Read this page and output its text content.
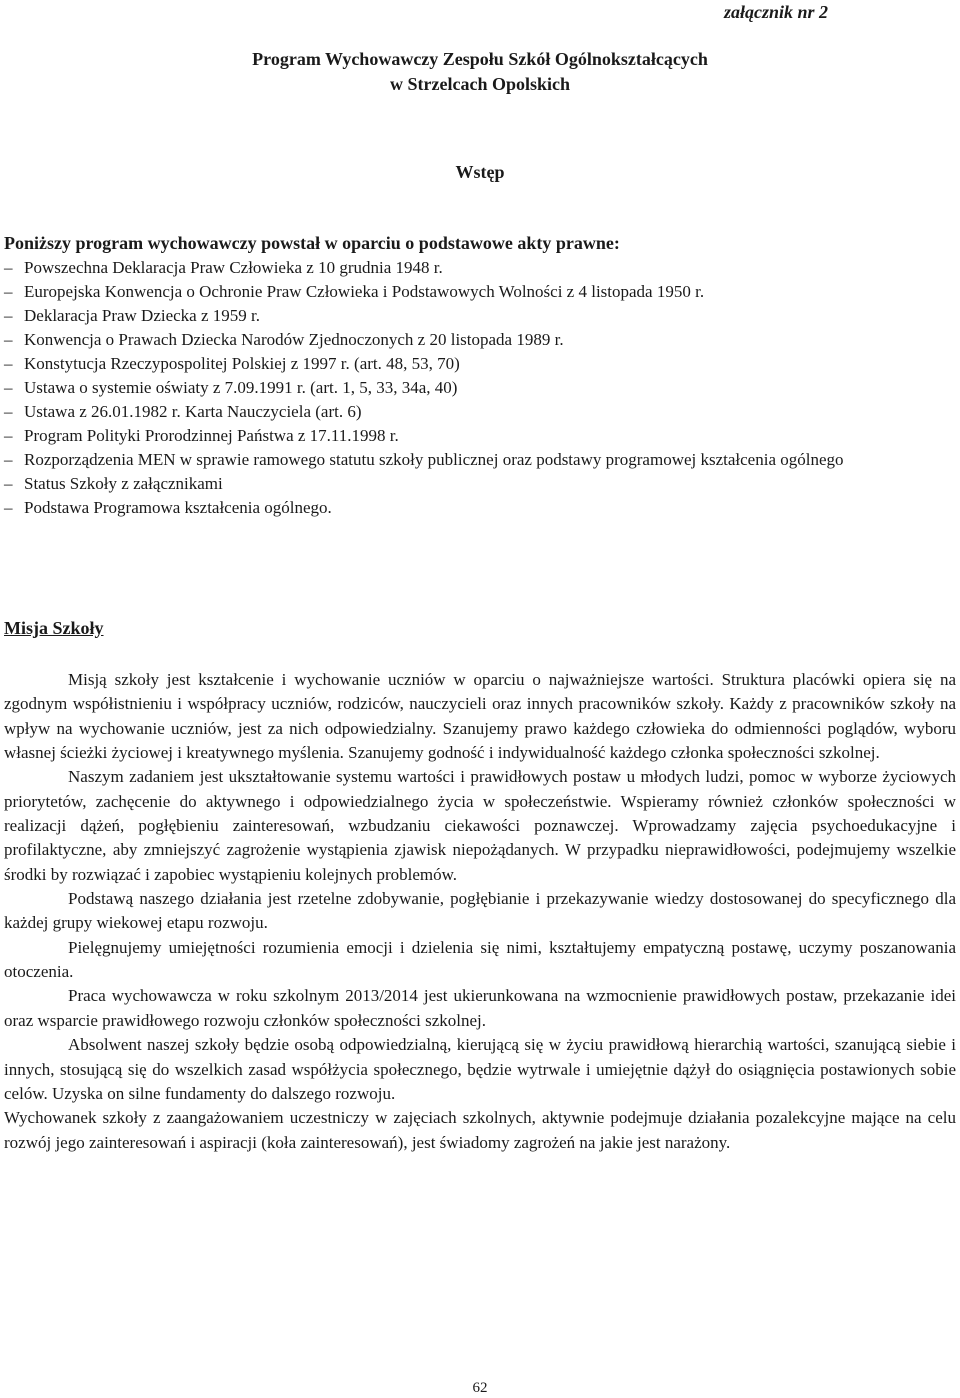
załącznik nr 2
Program Wychowawczy Zespołu Szkół Ogólnokształcących
w Strzelcach Opolskich
Wstęp

Poniższy program wychowawczy powstał w oparciu o podstawowe akty prawne:

– Powszechna Deklaracja Praw Człowieka z 10 grudnia 1948 r.
– Europejska Konwencja o Ochronie Praw Człowieka i Podstawowych Wolności z 4 listopada 1950 r.
– Deklaracja Praw Dziecka z 1959 r.
– Konwencja o Prawach Dziecka Narodów Zjednoczonych z 20 listopada 1989 r.
– Konstytucja Rzeczypospolitej Polskiej z 1997 r. (art. 48, 53, 70)
– Ustawa o systemie oświaty z 7.09.1991 r. (art. 1, 5, 33, 34a, 40)
– Ustawa z 26.01.1982 r. Karta Nauczyciela (art. 6)
– Program Polityki Prorodzinnej Państwa z 17.11.1998 r.
– Rozporządzenia MEN w sprawie ramowego statutu szkoły publicznej oraz podstawy programowej kształcenia ogólnego
– Status Szkoły z załącznikami
– Podstawa Programowa kształcenia ogólnego.
Misja Szkoły

Misją szkoły jest kształcenie i wychowanie uczniów w oparciu o najważniejsze wartości. Struktura placówki opiera się na zgodnym współistnieniu i współpracy uczniów, rodziców, nauczycieli oraz innych pracowników szkoły. Każdy z pracowników szkoły na wpływ na wychowanie uczniów, jest za nich odpowiedzialny. Szanujemy prawo każdego człowieka do odmienności poglądów, wyboru własnej ścieżki życiowej i kreatywnego myślenia. Szanujemy godność i indywidualność każdego członka społeczności szkolnej.

Naszym zadaniem jest ukształtowanie systemu wartości i prawidłowych postaw u młodych ludzi, pomoc w wyborze życiowych priorytetów, zachęcenie do aktywnego i odpowiedzialnego życia w społeczeństwie. Wspieramy również członków społeczności w realizacji dążeń, pogłębieniu zainteresowań, wzbudzaniu ciekawości poznawczej. Wprowadzamy zajęcia psychoedukacyjne i profilaktyczne, aby zmniejszyć zagrożenie wystąpienia zjawisk niepożądanych. W przypadku nieprawidłowości, podejmujemy wszelkie środki by rozwiązać i zapobiec wystąpieniu kolejnych problemów.

Podstawą naszego działania jest rzetelne zdobywanie, pogłębianie i przekazywanie wiedzy dostosowanej do specyficznego dla każdej grupy wiekowej etapu rozwoju.

Pielęgnujemy umiejętności rozumienia emocji i dzielenia się nimi, kształtujemy empatyczną postawę, uczymy poszanowania otoczenia.

Praca wychowawcza w roku szkolnym 2013/2014 jest ukierunkowana na wzmocnienie prawidłowych postaw, przekazanie idei oraz wsparcie prawidłowego rozwoju członków społeczności szkolnej.

Absolwent naszej szkoły będzie osobą odpowiedzialną, kierującą się w życiu prawidłową hierarchią wartości, szanującą siebie i innych, stosującą się do wszelkich zasad współżycia społecznego, będzie wytrwale i umiejętnie dążył do osiągnięcia postawionych sobie celów. Uzyska on silne fundamenty do dalszego rozwoju.

Wychowanek szkoły z zaangażowaniem uczestniczy w zajęciach szkolnych, aktywnie podejmuje działania pozalekcyjne mające na celu rozwój jego zainteresowań i aspiracji (koła zainteresowań), jest świadomy zagrożeń na jakie jest narażony.

62
